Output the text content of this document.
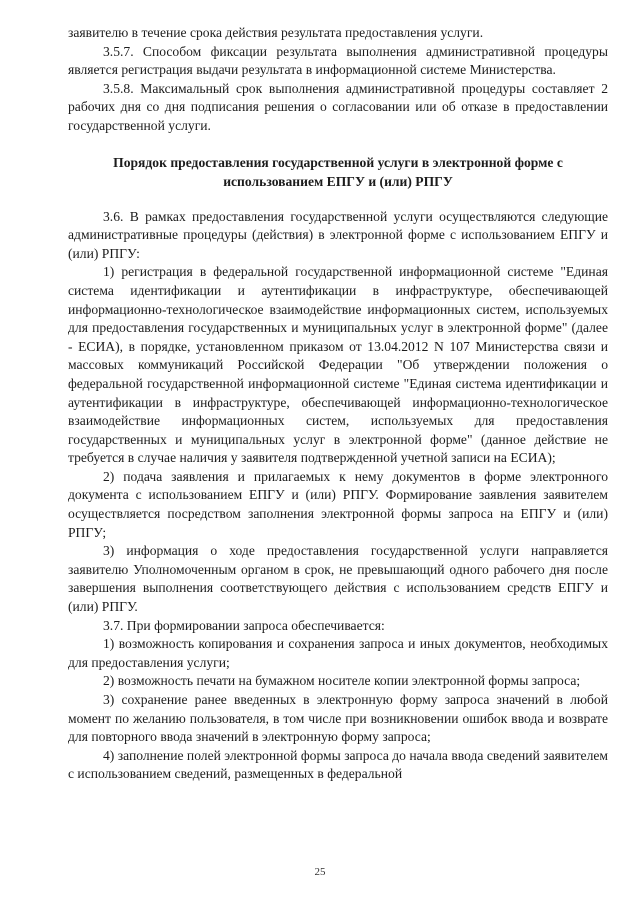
заявителю в течение срока действия результата предоставления услуги.

3.5.7. Способом фиксации результата выполнения административной процедуры является регистрация выдачи результата в информационной системе Министерства.

3.5.8. Максимальный срок выполнения административной процедуры составляет 2 рабочих дня со дня подписания решения о согласовании или об отказе в предоставлении государственной услуги.

Порядок предоставления государственной услуги в электронной форме с использованием ЕПГУ и (или) РПГУ

3.6. В рамках предоставления государственной услуги осуществляются следующие административные процедуры (действия) в электронной форме с использованием ЕПГУ и (или) РПГУ:

1) регистрация в федеральной государственной информационной системе "Единая система идентификации и аутентификации в инфраструктуре, обеспечивающей информационно-технологическое взаимодействие информационных систем, используемых для предоставления государственных и муниципальных услуг в электронной форме" (далее - ЕСИА), в порядке, установленном приказом от 13.04.2012 N 107 Министерства связи и массовых коммуникаций Российской Федерации "Об утверждении положения о федеральной государственной информационной системе "Единая система идентификации и аутентификации в инфраструктуре, обеспечивающей информационно-технологическое взаимодействие информационных систем, используемых для предоставления государственных и муниципальных услуг в электронной форме" (данное действие не требуется в случае наличия у заявителя подтвержденной учетной записи на ЕСИА);

2) подача заявления и прилагаемых к нему документов в форме электронного документа с использованием ЕПГУ и (или) РПГУ. Формирование заявления заявителем осуществляется посредством заполнения электронной формы запроса на ЕПГУ и (или) РПГУ;

3) информация о ходе предоставления государственной услуги направляется заявителю Уполномоченным органом в срок, не превышающий одного рабочего дня после завершения выполнения соответствующего действия с использованием средств ЕПГУ и (или) РПГУ.

3.7. При формировании запроса обеспечивается:

1) возможность копирования и сохранения запроса и иных документов, необходимых для предоставления услуги;

2) возможность печати на бумажном носителе копии электронной формы запроса;

3) сохранение ранее введенных в электронную форму запроса значений в любой момент по желанию пользователя, в том числе при возникновении ошибок ввода и возврате для повторного ввода значений в электронную форму запроса;

4) заполнение полей электронной формы запроса до начала ввода сведений заявителем с использованием сведений, размещенных в федеральной

25
